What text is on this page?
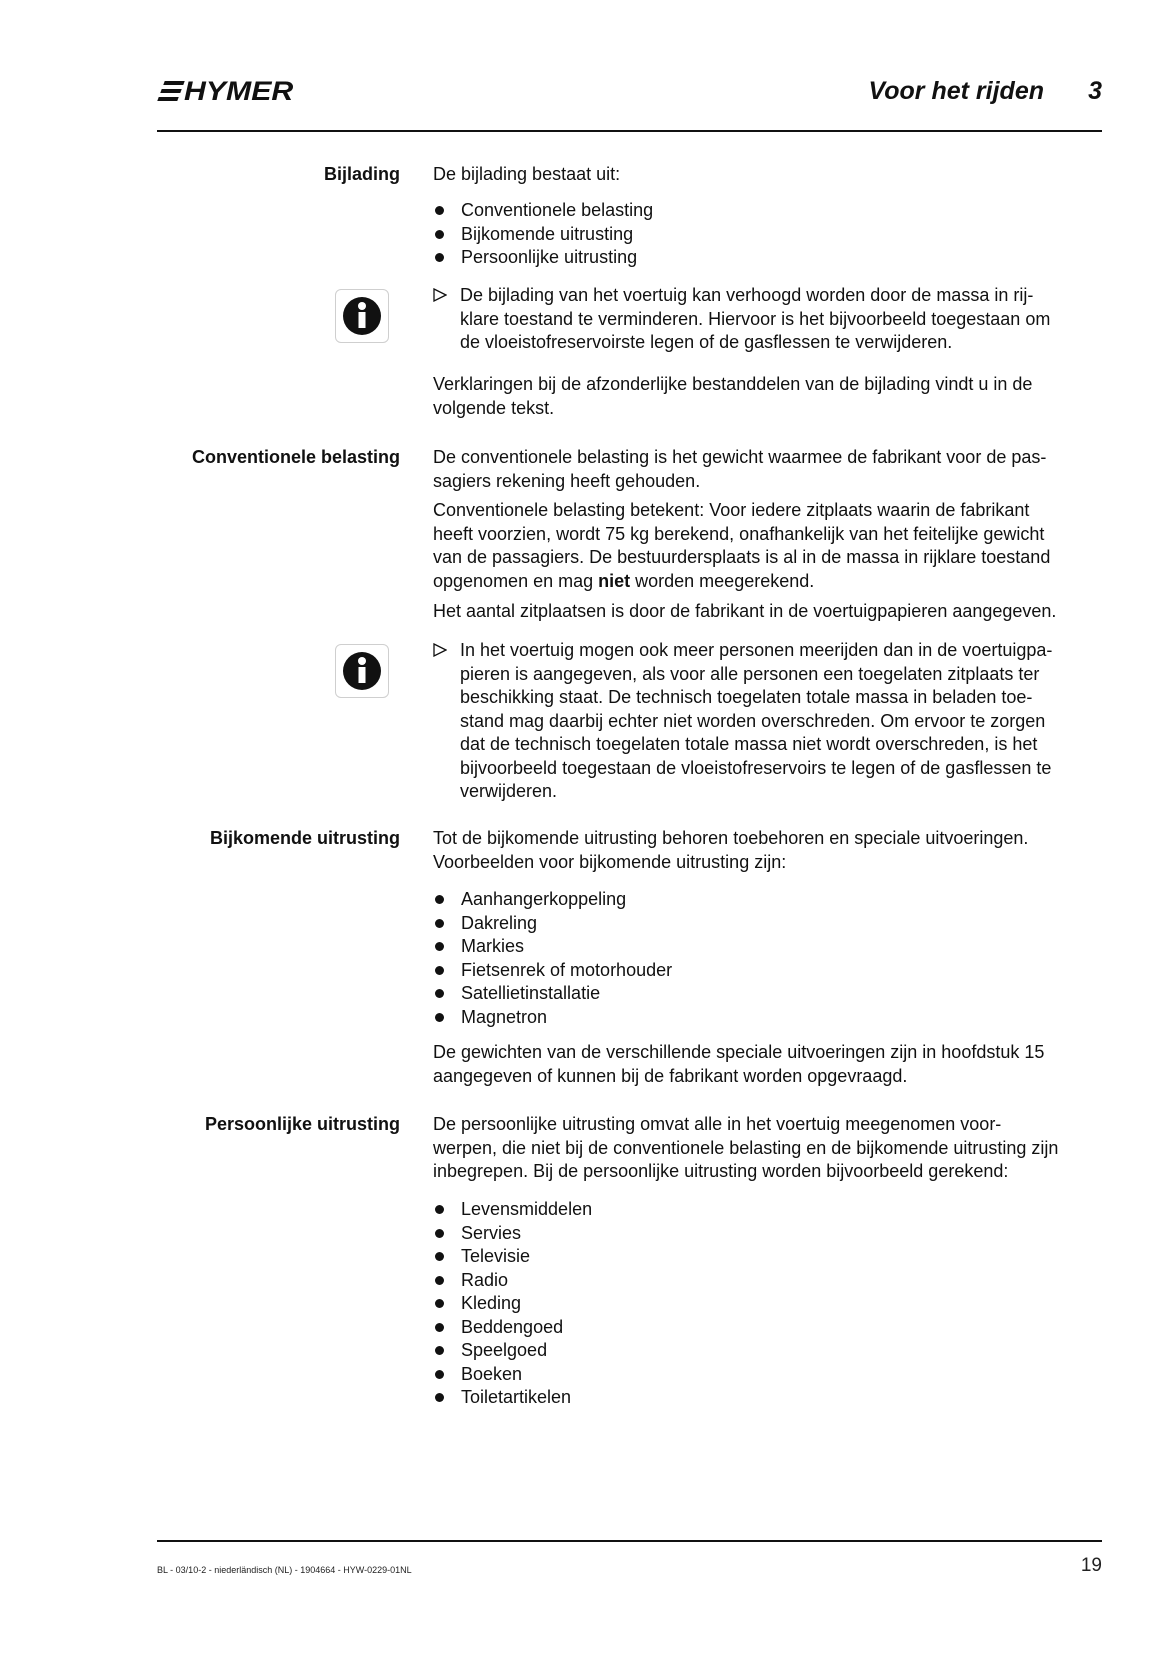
HYMER	Voor het rijden 3
Bijlading De bijlading bestaat uit:
Conventionele belasting
Bijkomende uitrusting
Persoonlijke uitrusting
De bijlading van het voertuig kan verhoogd worden door de massa in rij-
klare toestand te verminderen. Hiervoor is het bijvoorbeeld toegestaan om
de vloeistofreservoirste legen of de gasflessen te verwijderen.
Verklaringen bij de afzonderlijke bestanddelen van de bijlading vindt u in de
volgende tekst.
Conventionele belasting De conventionele belasting is het gewicht waarmee de fabrikant voor de pas-
sagiers rekening heeft gehouden.
Conventionele belasting betekent: Voor iedere zitplaats waarin de fabrikant
heeft voorzien, wordt 75 kg berekend, onafhankelijk van het feitelijke gewicht
van de passagiers. De bestuurdersplaats is al in de massa in rijklare toestand
opgenomen en mag niet worden meegerekend.
Het aantal zitplaatsen is door de fabrikant in de voertuigpapieren aangegeven.
In het voertuig mogen ook meer personen meerijden dan in de voertuigpa-
pieren is aangegeven, als voor alle personen een toegelaten zitplaats ter
beschikking staat. De technisch toegelaten totale massa in beladen toe-
stand mag daarbij echter niet worden overschreden. Om ervoor te zorgen
dat de technisch toegelaten totale massa niet wordt overschreden, is het
bijvoorbeeld toegestaan de vloeistofreservoirs te legen of de gasflessen te
verwijderen.
Bijkomende uitrusting Tot de bijkomende uitrusting behoren toebehoren en speciale uitvoeringen.
Voorbeelden voor bijkomende uitrusting zijn:
Aanhangerkoppeling
Dakreling
Markies
Fietsenrek of motorhouder
Satellietinstallatie
Magnetron
De gewichten van de verschillende speciale uitvoeringen zijn in hoofdstuk 15
aangegeven of kunnen bij de fabrikant worden opgevraagd.
Persoonlijke uitrusting De persoonlijke uitrusting omvat alle in het voertuig meegenomen voor-
werpen, die niet bij de conventionele belasting en de bijkomende uitrusting zijn
inbegrepen. Bij de persoonlijke uitrusting worden bijvoorbeeld gerekend:
Levensmiddelen
Servies
Televisie
Radio
Kleding
Beddengoed
Speelgoed
Boeken
Toiletartikelen
BL - 03/10-2 - niederländisch (NL) - 1904664 - HYW-0229-01NL	19
